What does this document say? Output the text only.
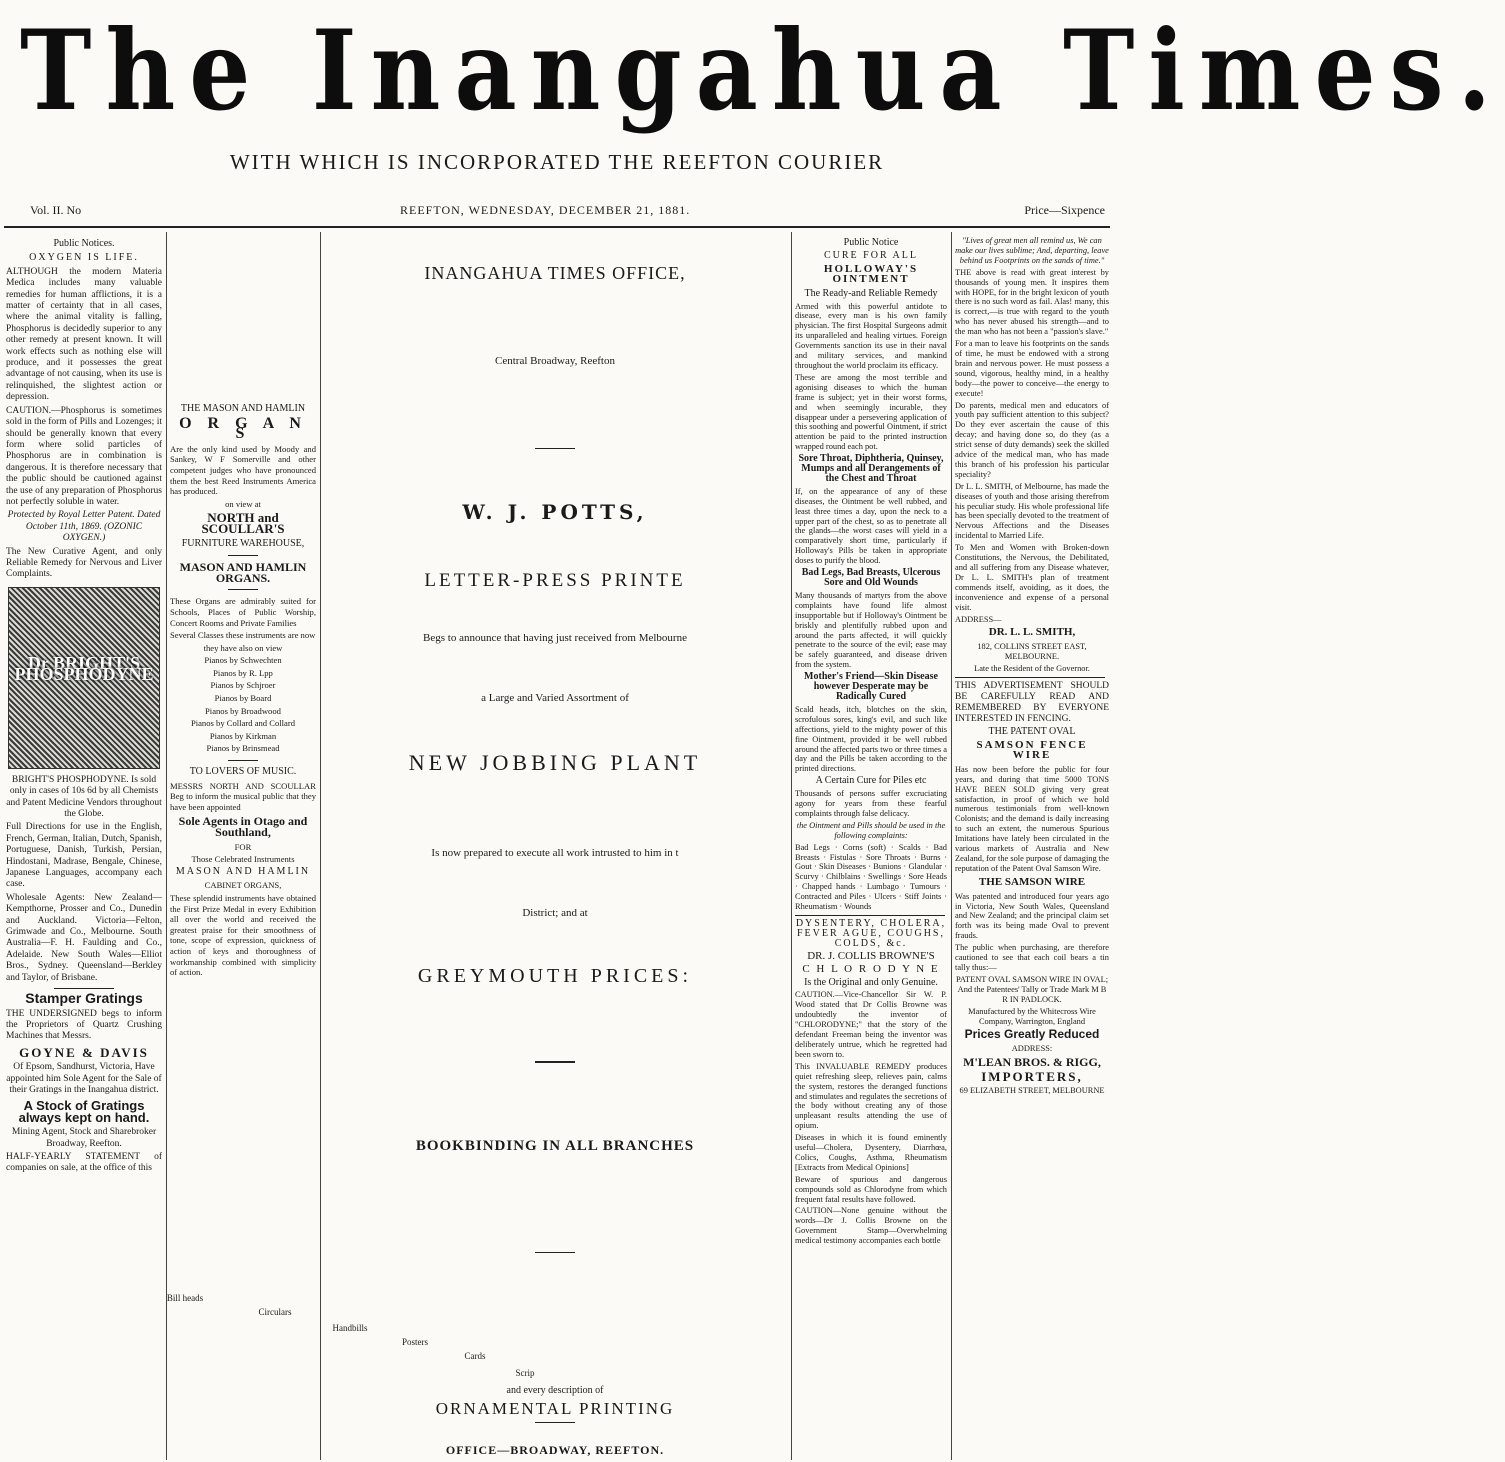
The Inangahua Times.
WITH WHICH IS INCORPORATED THE REEFTON COURIER
Vol. II. No	REEFTON, WEDNESDAY, DECEMBER 21, 1881.	Price—Sixpence
Public Notices.
OXYGEN IS LIFE.

ALTHOUGH the modern Materia Medica includes many valuable remedies for human afflictions, it is a matter of certainty that in all cases, where the animal vitality is falling, Phosphorus is decidedly superior to any other remedy at present known. It will work effects such as nothing else will produce, and it possesses the great advantage of not causing, when its use is relinquished, the slightest action or depression.

CAUTION.—Phosphorus is sometimes sold in the form of Pills and Lozenges; it should be generally known that every form where solid particles of Phosphorus are in combination is dangerous. It is therefore necessary that the public should be cautioned against the use of any preparation of Phosphorus not perfectly soluble in water.

Protected by Royal Letter Patent. Dated October 11th, 1869. (OZONIC OXYGEN.)

The New Curative Agent, and only Reliable Remedy for Nervous and Liver Complaints.

Dr BRIGHT'S PHOSPHODYNE

BRIGHT'S PHOSPHODYNE. Is sold only in cases of 10s 6d by all Chemists and Patent Medicine Vendors throughout the Globe.

Full Directions for use in the English, French, German, Italian, Dutch, Spanish, Portuguese, Danish, Turkish, Persian, Hindostani, Madrase, Bengale, Chinese, Japanese Languages, accompany each case.

Wholesale Agents: New Zealand—Kempthorne, Prosser and Co., Dunedin and Auckland. Victoria—Felton, Grimwade and Co., Melbourne. South Australia—F. H. Faulding and Co., Adelaide. New South Wales—Elliot Bros., Sydney. Queensland—Berkley and Taylor, of Brisbane.

Stamper Gratings

THE UNDERSIGNED begs to inform the Proprietors of Quartz Crushing Machines that Messrs.

GOYNE & DAVIS

Of Epsom, Sandhurst, Victoria, Have appointed him Sole Agent for the Sale of their Gratings in the Inangahua district.

A Stock of Gratings always kept on hand.

Mining Agent, Stock and Sharebroker Broadway, Reefton.

HALF-YEARLY STATEMENT of companies on sale, at the office of this

THE MASON AND HAMLIN
O R G A N S

Are the only kind used by Moody and Sankey, W F Somerville and other competent judges who have pronounced them the best Reed Instruments America has produced.

on view at

NORTH and SCOULLAR'S
FURNITURE WAREHOUSE,
MASON AND HAMLIN ORGANS.

These Organs are admirably suited for Schools, Places of Public Worship, Concert Rooms and Private Families

Several Classes these instruments are now

they have also on view

Pianos by Schwechten

Pianos by R. Lpp

Pianos by Schjroer

Pianos by Board

Pianos by Broadwood

Pianos by Collard and Collard

Pianos by Kirkman

Pianos by Brinsmead

TO LOVERS OF MUSIC.

MESSRS NORTH AND SCOULLAR Beg to inform the musical public that they have been appointed

Sole Agents in Otago and Southland,

FOR

Those Celebrated Instruments

MASON AND HAMLIN

CABINET ORGANS,

These splendid instruments have obtained the First Prize Medal in every Exhibition all over the world and received the greatest praise for their smoothness of tone, scope of expression, quickness of action of keys and thoroughness of workmanship combined with simplicity of action.

INANGAHUA TIMES OFFICE,
Central Broadway, Reefton
W. J. POTTS,
LETTER-PRESS PRINTE
Begs to announce that having just received from Melbourne
a Large and Varied Assortment of
NEW JOBBING PLANT
Is now prepared to execute all work intrusted to him in t
District; and at
GREYMOUTH PRICES:
BOOKBINDING IN ALL BRANCHES
Bill heads
Circulars
Handbills
Posters
Cards
Scrip
and every description of
ORNAMENTAL PRINTING
OFFICE—BROADWAY, REEFTON.
Public Notice
CURE FOR ALL
HOLLOWAY'S OINTMENT
The Ready-and Reliable Remedy

Armed with this powerful antidote to disease, every man is his own family physician. The first Hospital Surgeons admit its unparalleled and healing virtues. Foreign Governments sanction its use in their naval and military services, and mankind throughout the world proclaim its efficacy.

These are among the most terrible and agonising diseases to which the human frame is subject; yet in their worst forms, and when seemingly incurable, they disappear under a persevering application of this soothing and powerful Ointment, if strict attention be paid to the printed instruction wrapped round each pot.

Sore Throat, Diphtheria, Quinsey, Mumps and all Derangements of the Chest and Throat

If, on the appearance of any of these diseases, the Ointment be well rubbed, and least three times a day, upon the neck to a upper part of the chest, so as to penetrate all the glands—the worst cases will yield in a comparatively short time, particularly if Holloway's Pills be taken in appropriate doses to purify the blood.

Bad Legs, Bad Breasts, Ulcerous Sore and Old Wounds

Many thousands of martyrs from the above complaints have found life almost insupportable but if Holloway's Ointment be briskly and plentifully rubbed upon and around the parts affected, it will quickly penetrate to the source of the evil; ease may be safely guaranteed, and disease driven from the system.

Mother's Friend—Skin Disease however Desperate may be Radically Cured

Scald heads, itch, blotches on the skin, scrofulous sores, king's evil, and such like affections, yield to the mighty power of this fine Ointment, provided it be well rubbed around the affected parts two or three times a day and the Pills be taken according to the printed directions.

A Certain Cure for Piles etc

Thousands of persons suffer excruciating agony for years from these fearful complaints through false delicacy.

the Ointment and Pills should be used in the following complaints:

Bad Legs · Corns (soft) · Scalds · Bad Breasts · Fistulas · Sore Throats · Burns · Gout · Skin Diseases · Bunions · Glandular · Scurvy · Chilblains · Swellings · Sore Heads · Chapped hands · Lumbago · Tumours · Contracted and Piles · Ulcers · Stiff Joints · Rheumatism · Wounds

DYSENTERY, CHOLERA, FEVER AGUE, COUGHS, COLDS, &c.
DR. J. COLLIS BROWNE'S
C H L O R O D Y N E
Is the Original and only Genuine.

CAUTION.—Vice-Chancellor Sir W. P. Wood stated that Dr Collis Browne was undoubtedly the inventor of "CHLORODYNE;" that the story of the defendant Freeman being the inventor was deliberately untrue, which he regretted had been sworn to.

This INVALUABLE REMEDY produces quiet refreshing sleep, relieves pain, calms the system, restores the deranged functions and stimulates and regulates the secretions of the body without creating any of those unpleasant results attending the use of opium.

Diseases in which it is found eminently useful—Cholera, Dysentery, Diarrhœa, Colics, Coughs, Asthma, Rheumatism [Extracts from Medical Opinions]

Beware of spurious and dangerous compounds sold as Chlorodyne from which frequent fatal results have followed.

CAUTION—None genuine without the words—Dr J. Collis Browne on the Government Stamp—Overwhelming medical testimony accompanies each bottle

"Lives of great men all remind us, We can make our lives sublime; And, departing, leave behind us Footprints on the sands of time."

THE above is read with great interest by thousands of young men. It inspires them with HOPE, for in the bright lexicon of youth there is no such word as fail. Alas! many, this is correct,—is true with regard to the youth who has never abused his strength—and to the man who has not been a "passion's slave."

For a man to leave his footprints on the sands of time, he must be endowed with a strong brain and nervous power. He must possess a sound, vigorous, healthy mind, in a healthy body—the power to conceive—the energy to execute!

Do parents, medical men and educators of youth pay sufficient attention to this subject? Do they ever ascertain the cause of this decay; and having done so, do they (as a strict sense of duty demands) seek the skilled advice of the medical man, who has made this branch of his profession his particular speciality?

Dr L. L. SMITH, of Melbourne, has made the diseases of youth and those arising therefrom his peculiar study. His whole professional life has been specially devoted to the treatment of Nervous Affections and the Diseases incidental to Married Life.

To Men and Women with Broken-down Constitutions, the Nervous, the Debilitated, and all suffering from any Disease whatever, Dr L. L. SMITH's plan of treatment commends itself, avoiding, as it does, the inconvenience and expense of a personal visit.

ADDRESS—

DR. L. L. SMITH,

182, COLLINS STREET EAST, MELBOURNE.

Late the Resident of the Governor.

THIS ADVERTISEMENT SHOULD BE CAREFULLY READ AND REMEMBERED BY EVERYONE INTERESTED IN FENCING.

THE PATENT OVAL
SAMSON FENCE WIRE

Has now been before the public for four years, and during that time 5000 TONS HAVE BEEN SOLD giving very great satisfaction, in proof of which we hold numerous testimonials from well-known Colonists; and the demand is daily increasing to such an extent, the numerous Spurious Imitations have lately been circulated in the various markets of Australia and New Zealand, for the sole purpose of damaging the reputation of the Patent Oval Samson Wire.

THE SAMSON WIRE

Was patented and introduced four years ago in Victoria, New South Wales, Queensland and New Zealand; and the principal claim set forth was its being made Oval to prevent frauds.

The public when purchasing, are therefore cautioned to see that each coil bears a tin tally thus:—

PATENT OVAL SAMSON WIRE IN OVAL; And the Patentees' Tally or Trade Mark M B R IN PADLOCK.

Manufactured by the Whitecross Wire Company, Warrington, England

Prices Greatly Reduced

ADDRESS:

M'LEAN BROS. & RIGG,
IMPORTERS,

69 ELIZABETH STREET, MELBOURNE
